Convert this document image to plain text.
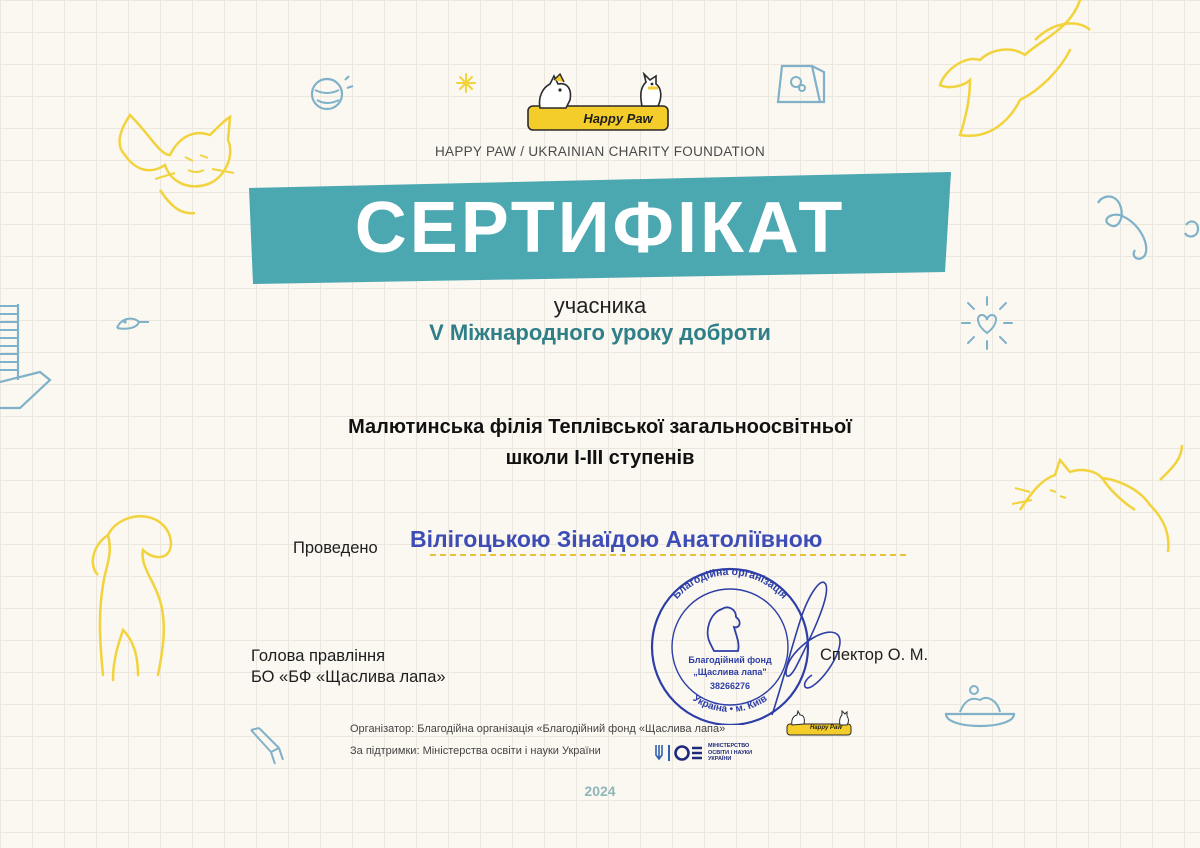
Happy Paw
HAPPY PAW / UKRAINIAN CHARITY FOUNDATION
СЕРТИФІКАТ
учасника
V Міжнародного уроку доброти
Малютинська філія Теплівської загальноосвітньої
школи I-III ступенів
Проведено Вілігоцькою Зінаїдою Анатоліївною
Голова правління
БО «БФ «Щаслива лапа»
Благодійна організація
Україна • м. Київ
Благодійний фонд
„Щаслива лапа"
38266276
Спектор О. М.
Організатор: Благодійна організація «Благодійний фонд «Щаслива лапа»
За підтримки: Міністерства освіти і науки України
Happy Paw
МІНІСТЕРСТВО
ОСВІТИ І НАУКИ
УКРАЇНИ
2024
